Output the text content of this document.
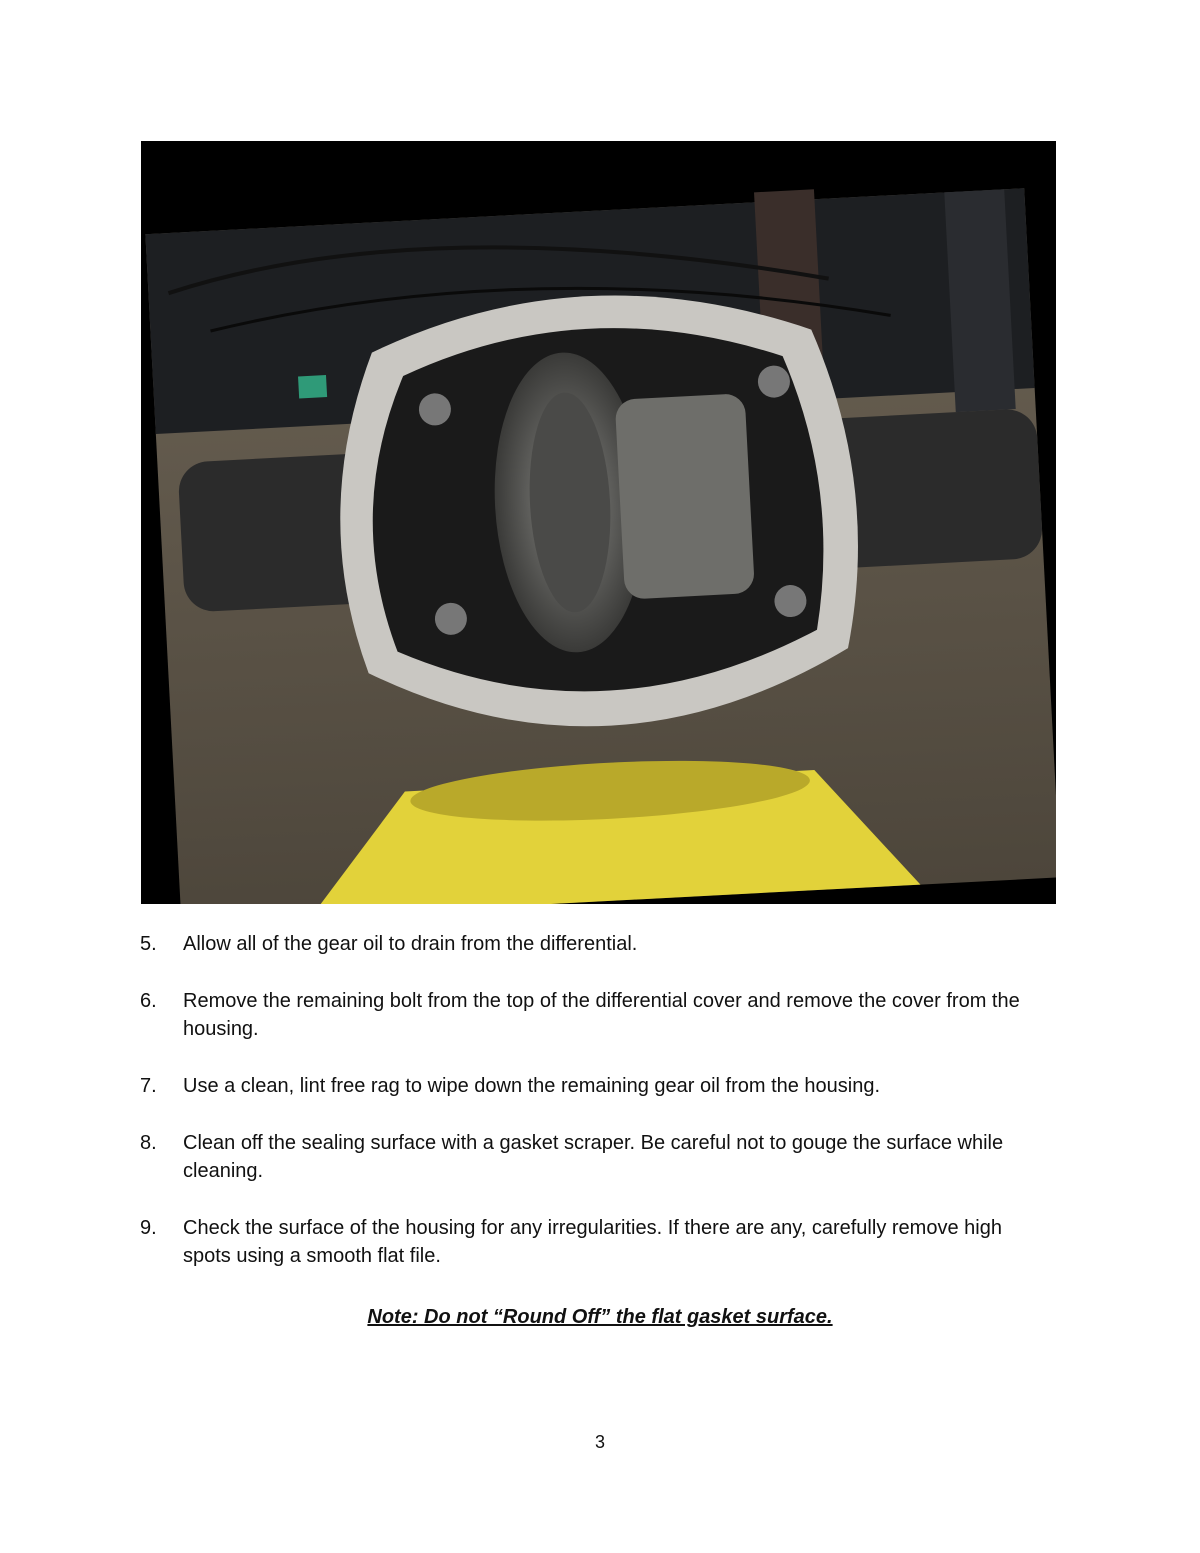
5. Allow all of the gear oil to drain from the differential.
6. Remove the remaining bolt from the top of the differential cover and remove the cover from the housing.
7. Use a clean, lint free rag to wipe down the remaining gear oil from the housing.
8. Clean off the sealing surface with a gasket scraper. Be careful not to gouge the surface while cleaning.
9. Check the surface of the housing for any irregularities. If there are any, carefully remove high spots using a smooth flat file.
Note: Do not “Round Off” the flat gasket surface.
3
